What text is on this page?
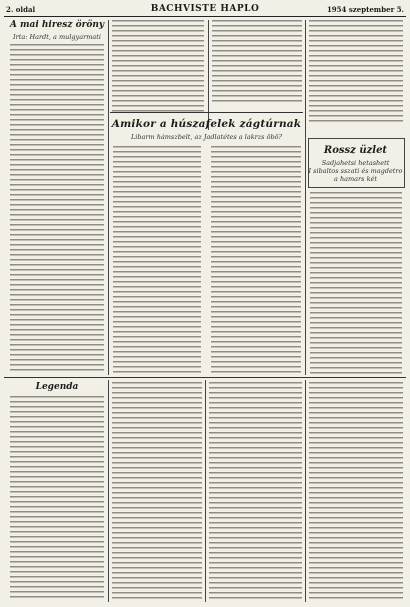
2. oldal	BACHVISTE HAPLO	1954 szeptember 5.
A mai hiresz öröny
Irta: Hardt, a mulgyarmati
Amikor a húszafelek zágtúrnak
Libarm hámszbelt, az Jadlatétes a lakrzs öbö?
Rossz üzlet
Sadjahetsi hetashett
I sibaltos sszati és magdetro
a hamars két
Legenda
